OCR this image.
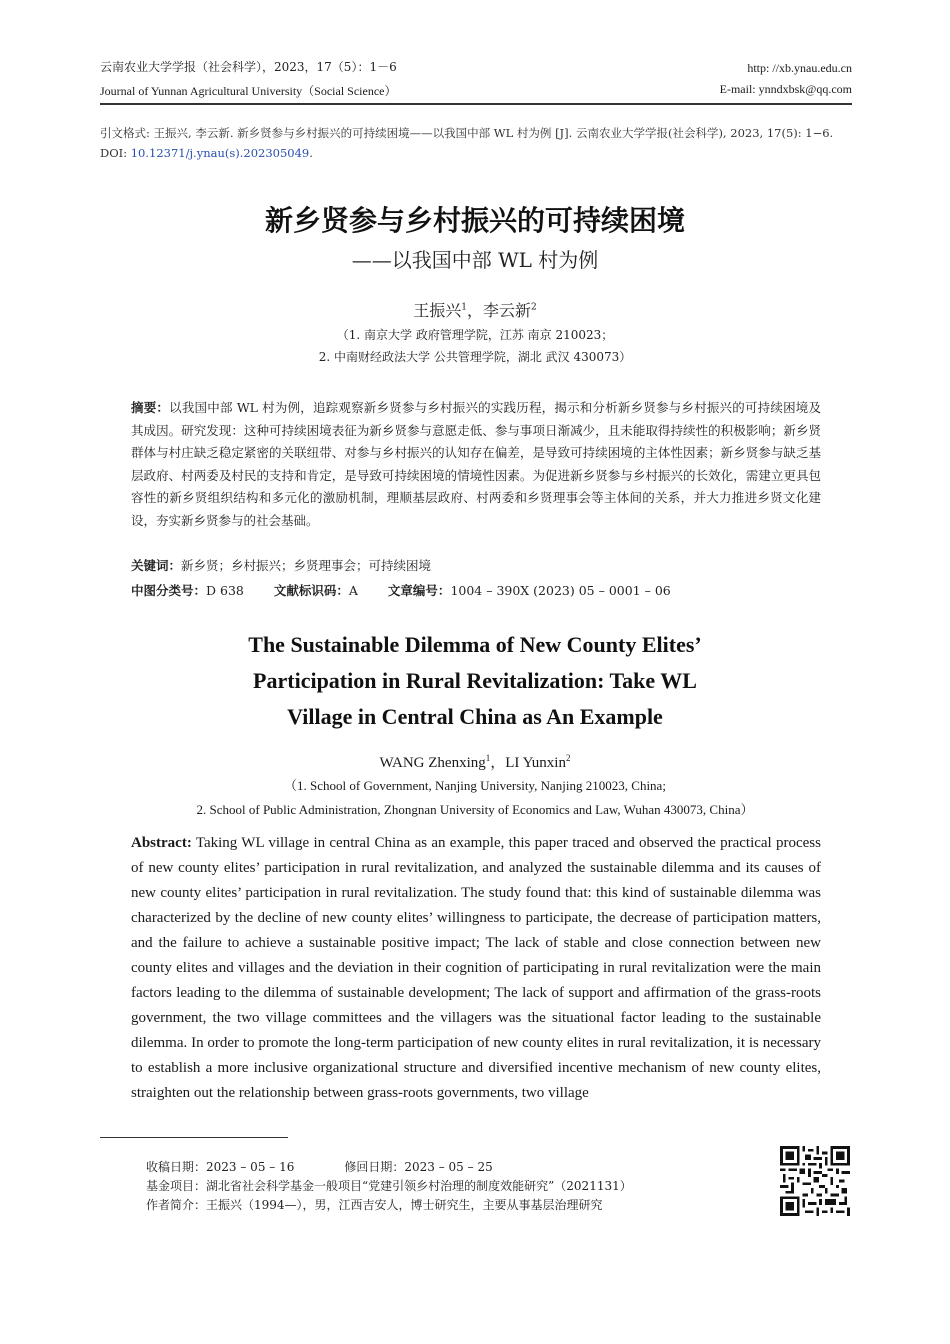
云南农业大学学报（社会科学），2023，17（5）：1－6
Journal of Yunnan Agricultural University（Social Science）
http: //xb.ynau.edu.cn
E-mail: ynndxbsk@qq.com
引文格式: 王振兴, 李云新. 新乡贤参与乡村振兴的可持续困境——以我国中部 WL 村为例 [J]. 云南农业大学学报(社会科学), 2023, 17(5): 1−6. DOI: 10.12371/j.ynau(s).202305049.
新乡贤参与乡村振兴的可持续困境
——以我国中部 WL 村为例
王振兴$^1$，李云新$^2$
（1. 南京大学 政府管理学院，江苏 南京 210023；
2. 中南财经政法大学 公共管理学院，湖北 武汉 430073）
摘要：以我国中部 WL 村为例，追踪观察新乡贤参与乡村振兴的实践历程，揭示和分析新乡贤参与乡村振兴的可持续困境及其成因。研究发现：这种可持续困境表征为新乡贤参与意愿走低、参与事项日渐减少，且未能取得持续性的积极影响；新乡贤群体与村庄缺乏稳定紧密的关联纽带、对参与乡村振兴的认知存在偏差，是导致可持续困境的主体性因素；新乡贤参与缺乏基层政府、村两委及村民的支持和肯定，是导致可持续困境的情境性因素。为促进新乡贤参与乡村振兴的长效化，需建立更具包容性的新乡贤组织结构和多元化的激励机制，理顺基层政府、村两委和乡贤理事会等主体间的关系，并大力推进乡贤文化建设，夯实新乡贤参与的社会基础。
关键词：新乡贤；乡村振兴；乡贤理事会；可持续困境
中图分类号：D 638 文献标识码：A 文章编号：1004 – 390X (2023) 05 – 0001 – 06
The Sustainable Dilemma of New County Elites’
Participation in Rural Revitalization: Take WL
Village in Central China as An Example
WANG Zhenxing$^1$，LI Yunxin$^2$
（1. School of Government, Nanjing University, Nanjing 210023, China;
2. School of Public Administration, Zhongnan University of Economics and Law, Wuhan 430073, China）
Abstract: Taking WL village in central China as an example, this paper traced and observed the practical process of new county elites’ participation in rural revitalization, and analyzed the sustainable dilemma and its causes of new county elites’ participation in rural revitalization. The study found that: this kind of sustainable dilemma was characterized by the decline of new county elites’ willingness to participate, the decrease of participation matters, and the failure to achieve a sustainable positive impact; The lack of stable and close connection between new county elites and villages and the deviation in their cognition of participating in rural revitalization were the main factors leading to the dilemma of sustainable development; The lack of support and affirmation of the grass-roots government, the two village committees and the villagers was the situational factor leading to the sustainable dilemma. In order to promote the long-term participation of new county elites in rural revitalization, it is necessary to establish a more inclusive organizational structure and diversified incentive mechanism of new county elites, straighten out the relationship between grass-roots governments, two village
收稿日期：2023 – 05 – 16	修回日期：2023 – 05 – 25
基金项目：湖北省社会科学基金一般项目“党建引领乡村治理的制度效能研究”（2021131）
作者简介：王振兴（1994—），男，江西吉安人，博士研究生，主要从事基层治理研究
